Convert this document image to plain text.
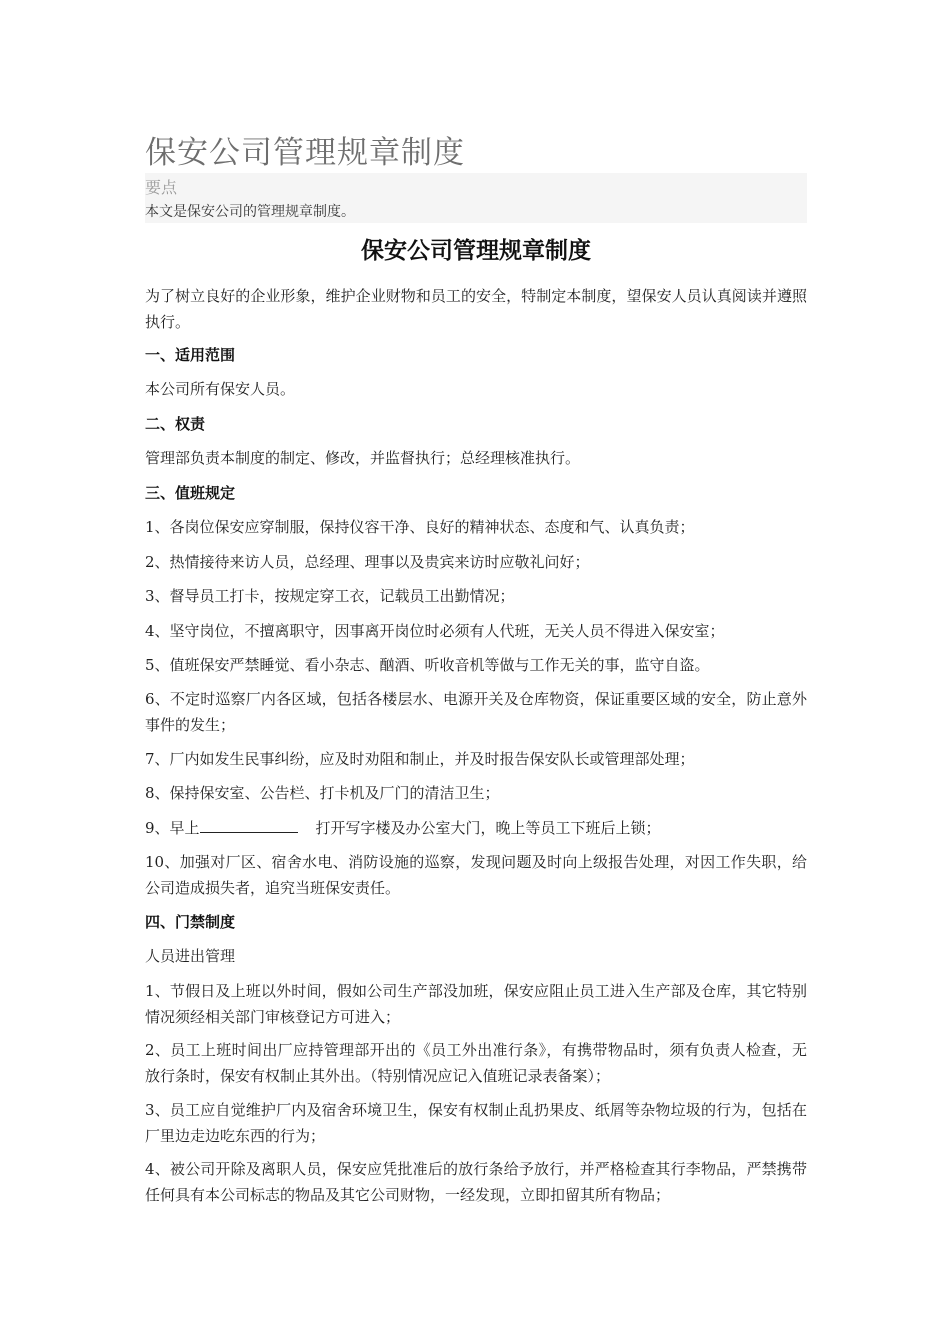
保安公司管理规章制度
要点
本文是保安公司的管理规章制度。
保安公司管理规章制度
为了树立良好的企业形象，维护企业财物和员工的安全，特制定本制度，望保安人员认真阅读并遵照执行。
一、适用范围
本公司所有保安人员。
二、权责
管理部负责本制度的制定、修改，并监督执行；总经理核准执行。
三、值班规定
1、各岗位保安应穿制服，保持仪容干净、良好的精神状态、态度和气、认真负责；
2、热情接待来访人员，总经理、理事以及贵宾来访时应敬礼问好；
3、督导员工打卡，按规定穿工衣，记载员工出勤情况；
4、坚守岗位，不擅离职守，因事离开岗位时必须有人代班，无关人员不得进入保安室；
5、值班保安严禁睡觉、看小杂志、酗酒、听收音机等做与工作无关的事，监守自盗。
6、不定时巡察厂内各区域，包括各楼层水、电源开关及仓库物资，保证重要区域的安全，防止意外事件的发生；
7、厂内如发生民事纠纷，应及时劝阻和制止，并及时报告保安队长或管理部处理；
8、保持保安室、公告栏、打卡机及厂门的清洁卫生；
9、早上	打开写字楼及办公室大门，晚上等员工下班后上锁；
10、加强对厂区、宿舍水电、消防设施的巡察，发现问题及时向上级报告处理，对因工作失职，给公司造成损失者，追究当班保安责任。
四、门禁制度
人员进出管理
1、节假日及上班以外时间，假如公司生产部没加班，保安应阻止员工进入生产部及仓库，其它特别情况须经相关部门审核登记方可进入；
2、员工上班时间出厂应持管理部开出的《员工外出准行条》，有携带物品时，须有负责人检查，无放行条时，保安有权制止其外出。（特别情况应记入值班记录表备案）；
3、员工应自觉维护厂内及宿舍环境卫生，保安有权制止乱扔果皮、纸屑等杂物垃圾的行为，包括在厂里边走边吃东西的行为；
4、被公司开除及离职人员，保安应凭批准后的放行条给予放行，并严格检查其行李物品，严禁携带任何具有本公司标志的物品及其它公司财物，一经发现，立即扣留其所有物品；
